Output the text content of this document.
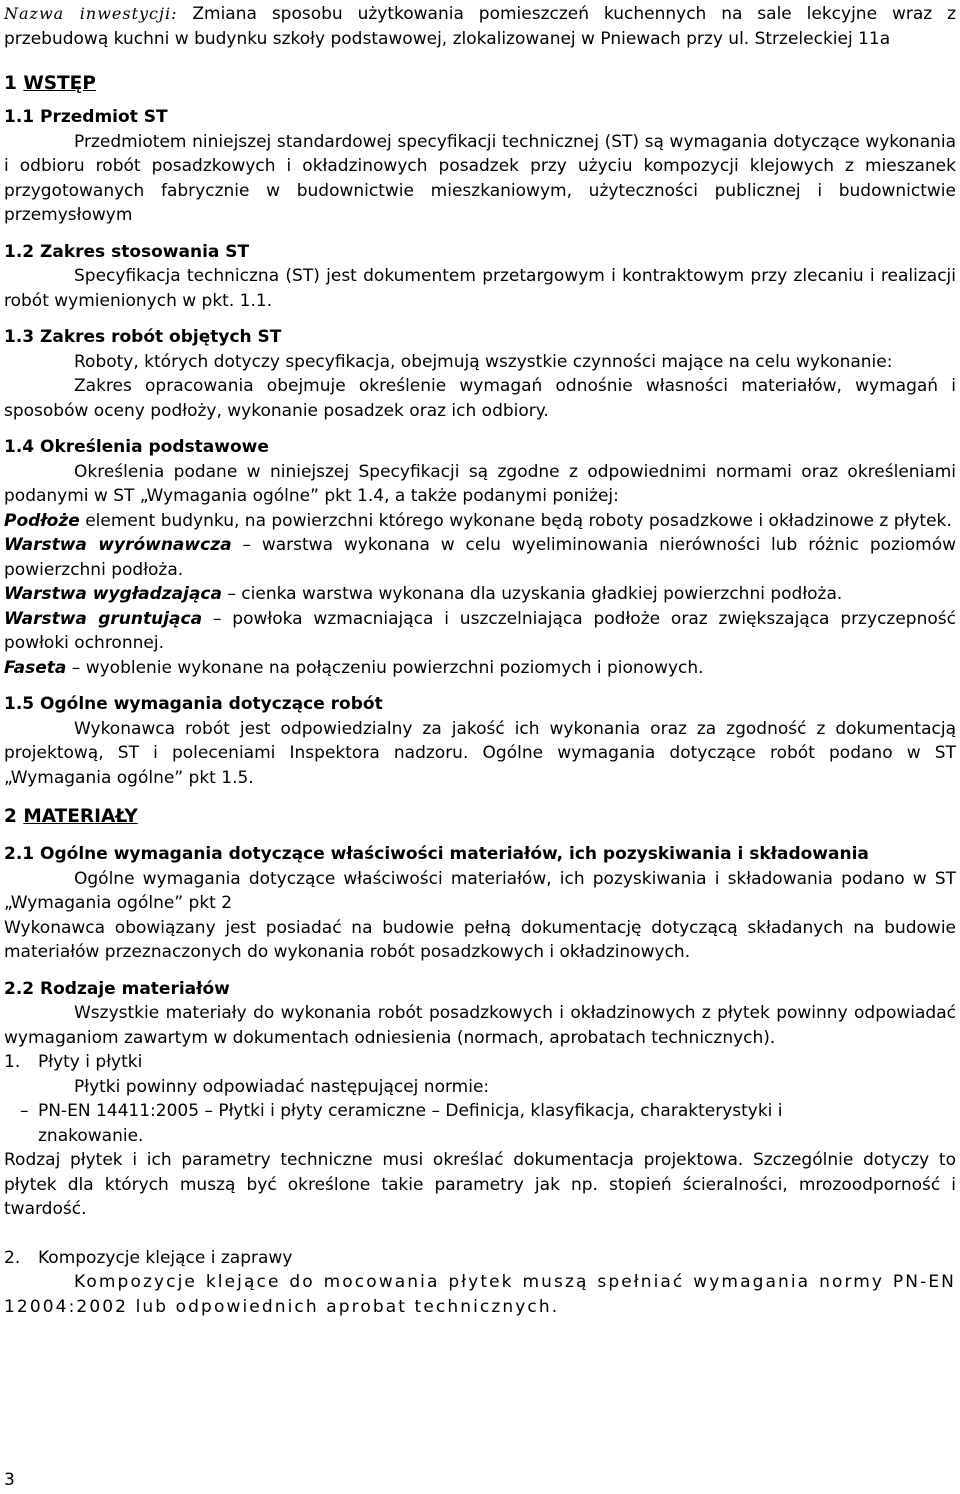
Nazwa inwestycji: Zmiana sposobu użytkowania pomieszczeń kuchennych na sale lekcyjne wraz z przebudową kuchni w budynku szkoły podstawowej, zlokalizowanej w Pniewach przy ul. Strzeleckiej 11a

1 WSTĘP

1.1 Przedmiot ST

Przedmiotem niniejszej standardowej specyfikacji technicznej (ST) są wymagania dotyczące wykonania i odbioru robót posadzkowych i okładzinowych posadzek przy użyciu kompozycji klejowych z mieszanek przygotowanych fabrycznie w budownictwie mieszkaniowym, użyteczności publicznej i budownictwie przemysłowym

1.2 Zakres stosowania ST

Specyfikacja techniczna (ST) jest dokumentem przetargowym i kontraktowym przy zlecaniu i realizacji robót wymienionych w pkt. 1.1.

1.3 Zakres robót objętych ST

Roboty, których dotyczy specyfikacja, obejmują wszystkie czynności mające na celu wykonanie:

Zakres opracowania obejmuje określenie wymagań odnośnie własności materiałów, wymagań i sposobów oceny podłoży, wykonanie posadzek oraz ich odbiory.

1.4 Określenia podstawowe

Określenia podane w niniejszej Specyfikacji są zgodne z odpowiednimi normami oraz określeniami podanymi w ST „Wymagania ogólne” pkt 1.4, a także podanymi poniżej:

Podłoże element budynku, na powierzchni którego wykonane będą roboty posadzkowe i okładzinowe z płytek.

Warstwa wyrównawcza – warstwa wykonana w celu wyeliminowania nierówności lub różnic poziomów powierzchni podłoża.

Warstwa wygładzająca – cienka warstwa wykonana dla uzyskania gładkiej powierzchni podłoża.

Warstwa gruntująca – powłoka wzmacniająca i uszczelniająca podłoże oraz zwiększająca przyczepność powłoki ochronnej.

Faseta – wyoblenie wykonane na połączeniu powierzchni poziomych i pionowych.

1.5 Ogólne wymagania dotyczące robót

Wykonawca robót jest odpowiedzialny za jakość ich wykonania oraz za zgodność z dokumentacją projektową, ST i poleceniami Inspektora nadzoru. Ogólne wymagania dotyczące robót podano w ST „Wymagania ogólne” pkt 1.5.

2 MATERIAŁY

2.1 Ogólne wymagania dotyczące właściwości materiałów, ich pozyskiwania i składowania

Ogólne wymagania dotyczące właściwości materiałów, ich pozyskiwania i składowania podano w ST „Wymagania ogólne” pkt 2

Wykonawca obowiązany jest posiadać na budowie pełną dokumentację dotyczącą składanych na budowie materiałów przeznaczonych do wykonania robót posadzkowych i okładzinowych.

2.2 Rodzaje materiałów

Wszystkie materiały do wykonania robót posadzkowych i okładzinowych z płytek powinny odpowiadać wymaganiom zawartym w dokumentach odniesienia (normach, aprobatach technicznych).

1.	Płyty i płytki

Płytki powinny odpowiadać następującej normie:

– PN-EN 14411:2005 – Płytki i płyty ceramiczne – Definicja, klasyfikacja, charakterystyki i znakowanie.

Rodzaj płytek i ich parametry techniczne musi określać dokumentacja projektowa. Szczególnie dotyczy to płytek dla których muszą być określone takie parametry jak np. stopień ścieralności, mrozoodporność i twardość.

2.	Kompozycje klejące i zaprawy

Kompozycje klejące do mocowania płytek muszą spełniać wymagania normy PN-EN 12004:2002 lub odpowiednich aprobat technicznych.

3
